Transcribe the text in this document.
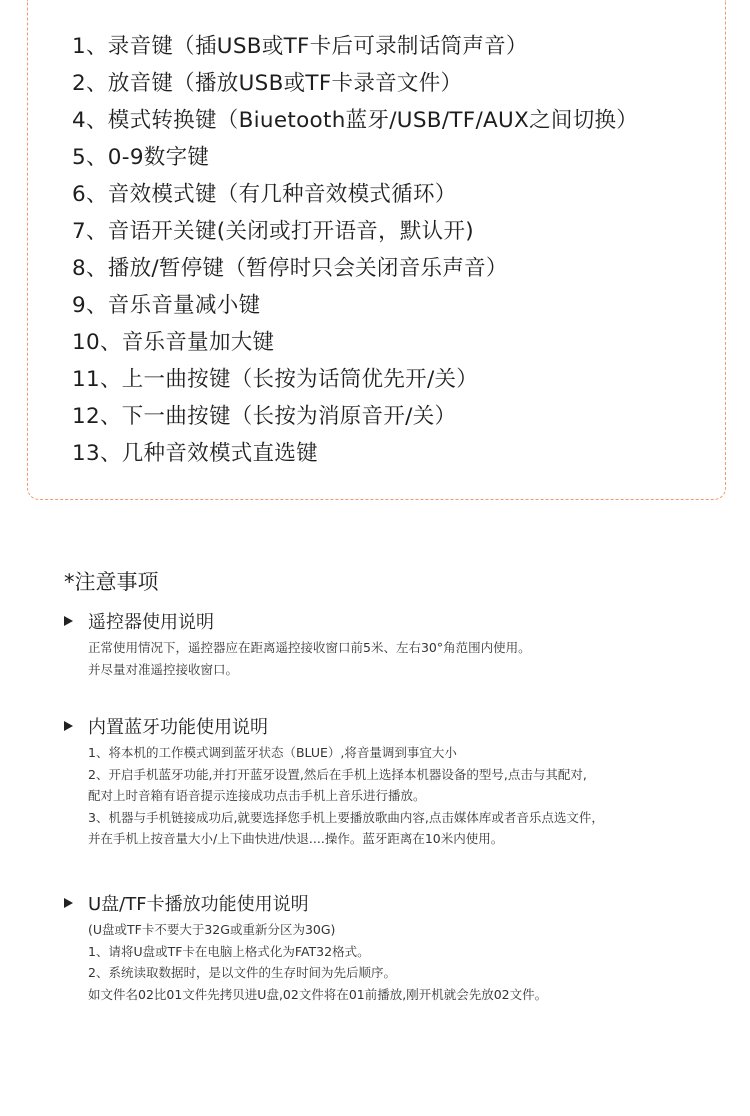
1、录音键（插USB或TF卡后可录制话筒声音）
2、放音键（播放USB或TF卡录音文件）
4、模式转换键（Biuetooth蓝牙/USB/TF/AUX之间切换）
5、0-9数字键
6、音效模式键（有几种音效模式循环）
7、音语开关键(关闭或打开语音，默认开)
8、播放/暂停键（暂停时只会关闭音乐声音）
9、音乐音量减小键
10、音乐音量加大键
11、上一曲按键（长按为话筒优先开/关）
12、下一曲按键（长按为消原音开/关）
13、几种音效模式直选键
*注意事项
遥控器使用说明
正常使用情况下，遥控器应在距离遥控接收窗口前5米、左右30°角范围内使用。
并尽量对准遥控接收窗口。
内置蓝牙功能使用说明
1、将本机的工作模式调到蓝牙状态（BLUE）,将音量调到事宜大小
2、开启手机蓝牙功能,并打开蓝牙设置,然后在手机上选择本机器设备的型号,点击与其配对,
配对上时音箱有语音提示连接成功点击手机上音乐进行播放。
3、机器与手机链接成功后,就要选择您手机上要播放歌曲内容,点击媒体库或者音乐点选文件，
并在手机上按音量大小/上下曲快进/快退....操作。蓝牙距离在10米内使用。
U盘/TF卡播放功能使用说明
(U盘或TF卡不要大于32G或重新分区为30G)
1、请将U盘或TF卡在电脑上格式化为FAT32格式。
2、系统读取数据时，是以文件的生存时间为先后顺序。
如文件名02比01文件先拷贝进U盘,02文件将在01前播放,刚开机就会先放02文件。
